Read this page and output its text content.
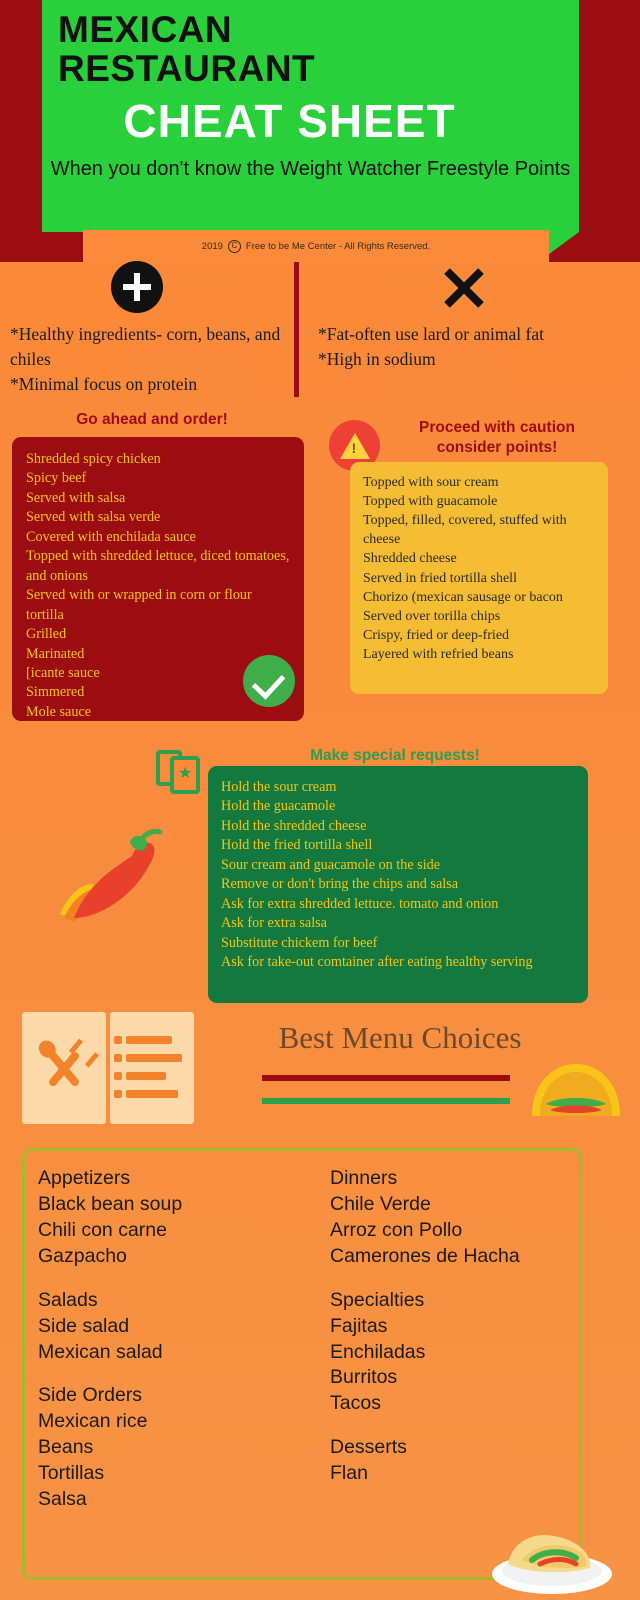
MEXICAN
RESTAURANT
CHEAT SHEET
When you don't know the Weight Watcher Freestyle Points
2019	C Free to be Me Center - All Rights Reserved.
*Healthy ingredients- corn, beans, and chiles
*Minimal focus on protein
*Fat-often use lard or animal fat
*High in sodium
Go ahead and order!
Shredded spicy chicken
Spicy beef
Served with salsa
Served with salsa verde
Covered with enchilada sauce
Topped with shredded lettuce, diced tomatoes, and onions
Served with or wrapped in corn or flour tortilla
Grilled
Marinated
[icante sauce
Simmered
Mole sauce
!
Proceed with caution consider points!
Topped with sour cream
Topped with guacamole
Topped, filled, covered, stuffed with cheese
Shredded cheese
Served in fried tortilla shell
Chorizo (mexican sausage or bacon
Served over torilla chips
Crispy, fried or deep-fried
Layered with refried beans
★
Make special requests!
Hold the sour cream
Hold the guacamole
Hold the shredded cheese
Hold the fried tortilla shell
Sour cream and guacamole on the side
Remove or don't bring the chips and salsa
Ask for extra shredded lettuce. tomato and onion
Ask for extra salsa
Substitute chickem for beef
Ask for take-out comtainer after eating healthy serving
Best Menu Choices
Appetizers
Black bean soup
Chili con carne
Gazpacho
Salads
Side salad
Mexican salad
Side Orders
Mexican rice
Beans
Tortillas
Salsa
Dinners
Chile Verde
Arroz con Pollo
Camerones de Hacha
Specialties
Fajitas
Enchiladas
Burritos
Tacos
Desserts
Flan
